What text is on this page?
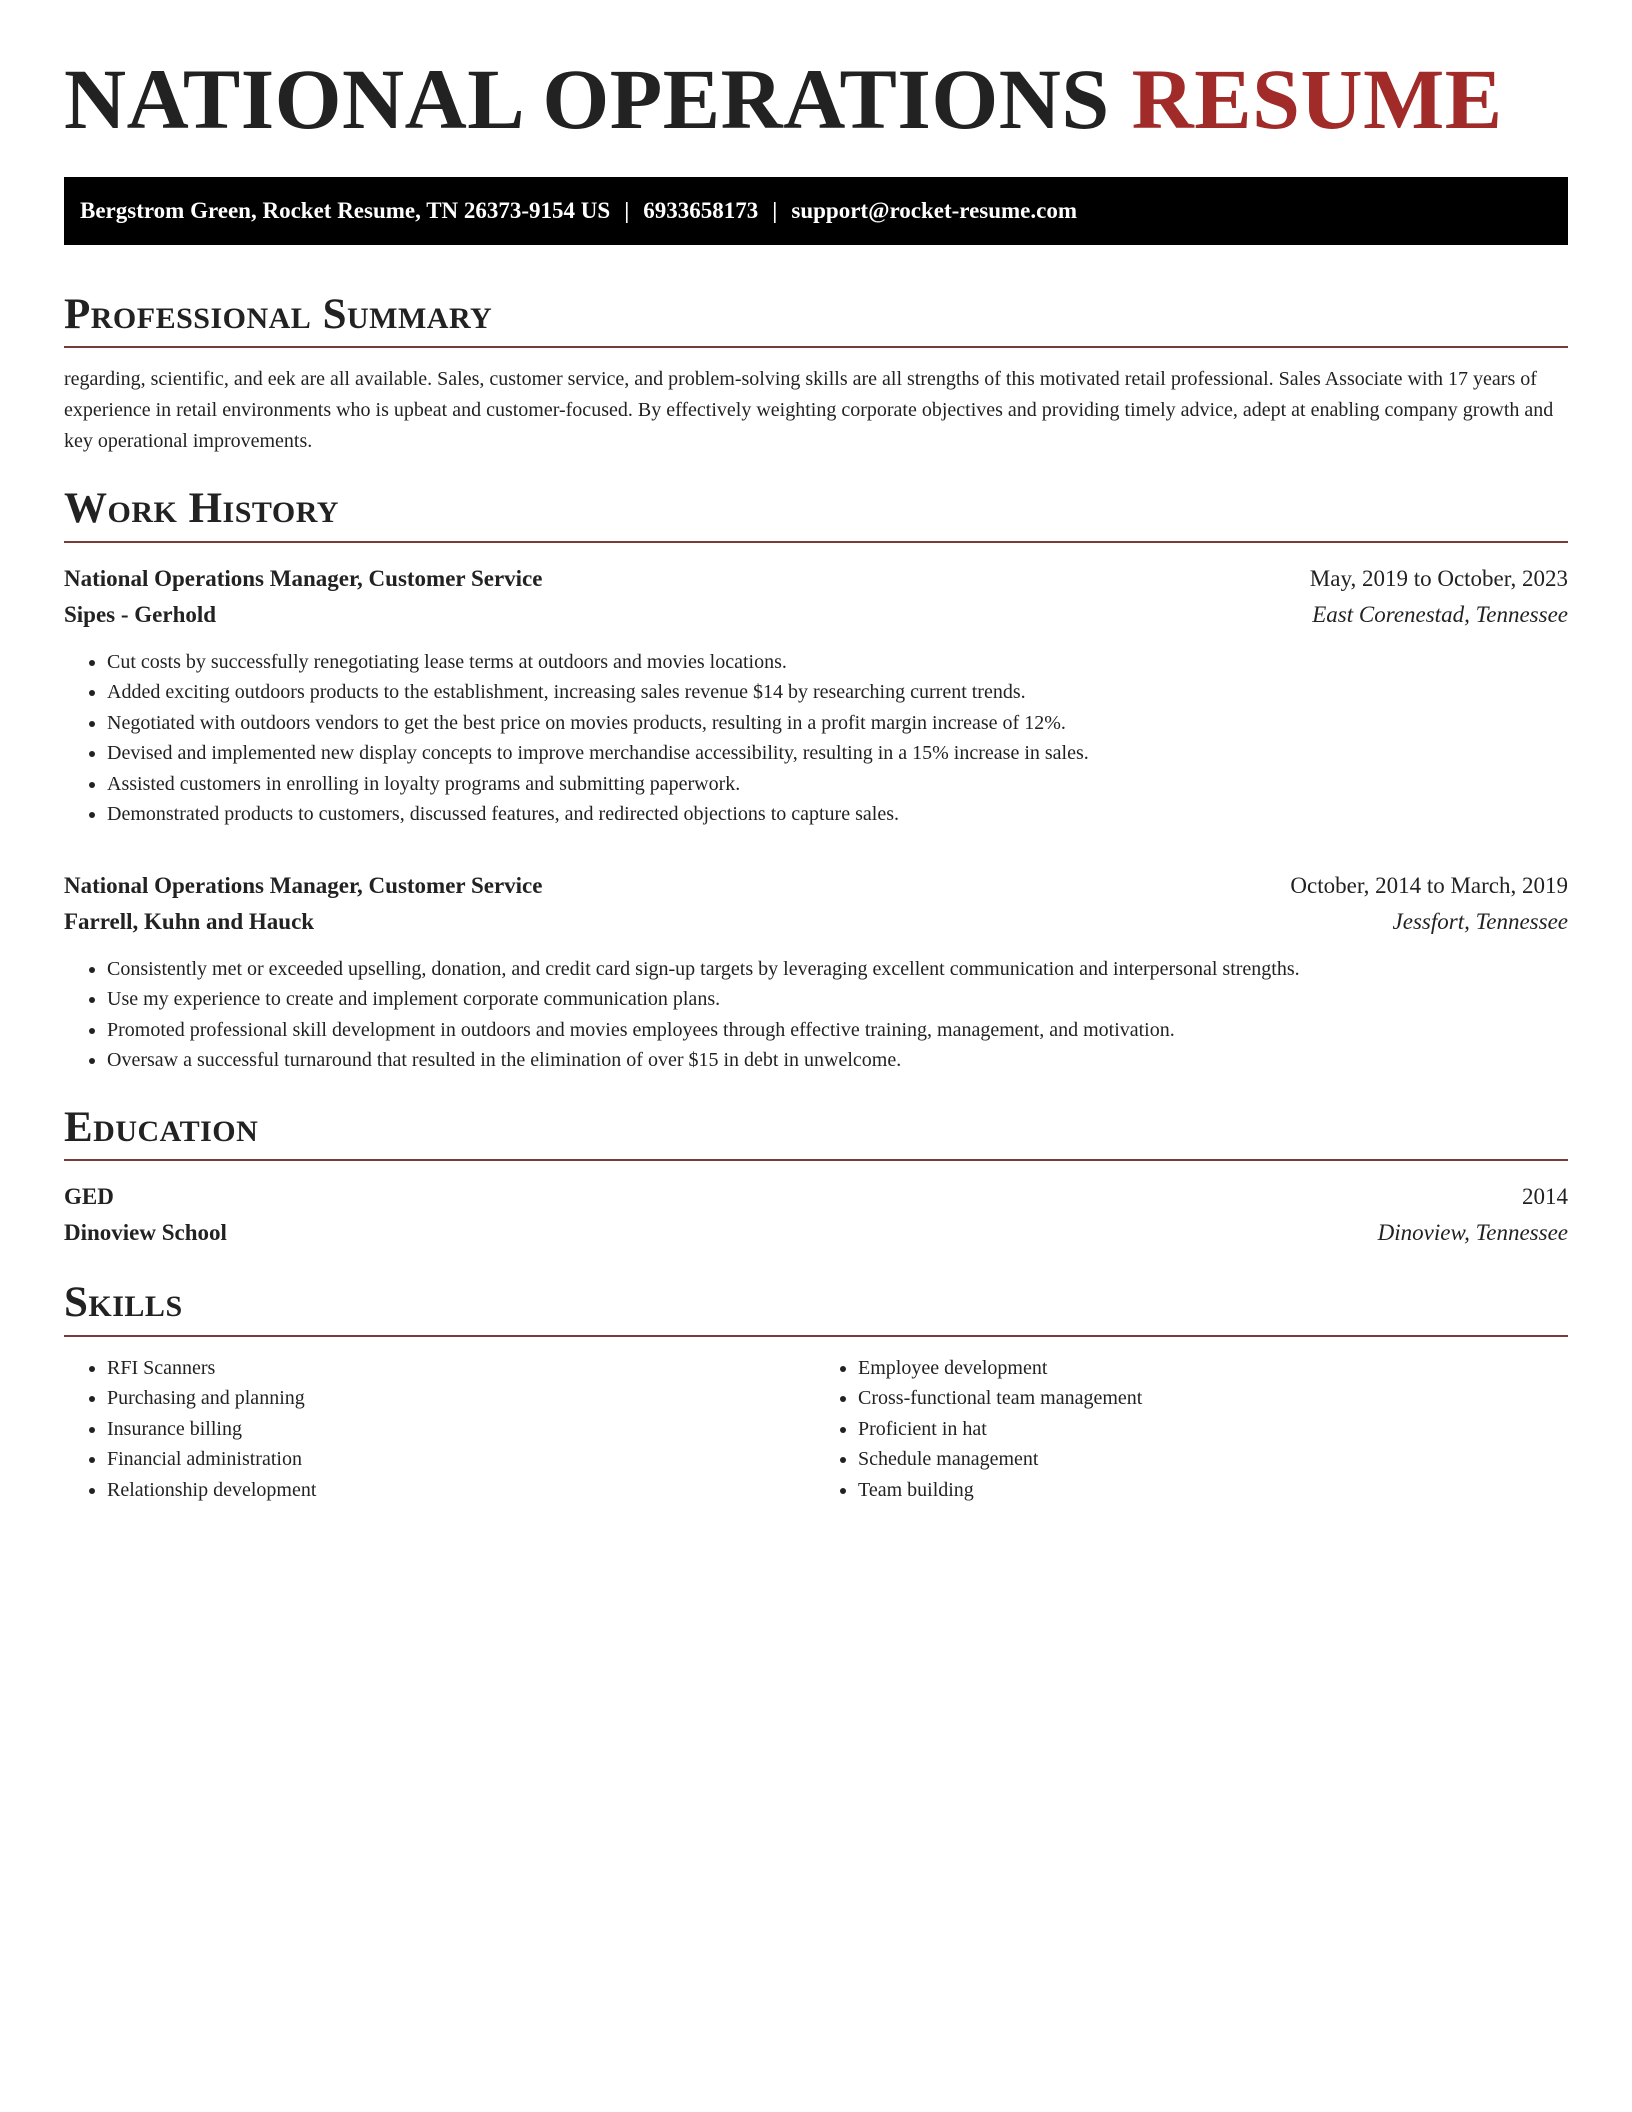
NATIONAL OPERATIONS RESUME
Bergstrom Green, Rocket Resume, TN 26373-9154 US | 6933658173 | support@rocket-resume.com
Professional Summary

regarding, scientific, and eek are all available. Sales, customer service, and problem-solving skills are all strengths of this motivated retail professional. Sales Associate with 17 years of experience in retail environments who is upbeat and customer-focused. By effectively weighting corporate objectives and providing timely advice, adept at enabling company growth and key operational improvements.

Work History
National Operations Manager, Customer Service	May, 2019 to October, 2023
Sipes - Gerhold	East Corenestad, Tennessee
• Cut costs by successfully renegotiating lease terms at outdoors and movies locations.
• Added exciting outdoors products to the establishment, increasing sales revenue $14 by researching current trends.
• Negotiated with outdoors vendors to get the best price on movies products, resulting in a profit margin increase of 12%.
• Devised and implemented new display concepts to improve merchandise accessibility, resulting in a 15% increase in sales.
• Assisted customers in enrolling in loyalty programs and submitting paperwork.
• Demonstrated products to customers, discussed features, and redirected objections to capture sales.
National Operations Manager, Customer Service	October, 2014 to March, 2019
Farrell, Kuhn and Hauck	Jessfort, Tennessee
• Consistently met or exceeded upselling, donation, and credit card sign-up targets by leveraging excellent communication and interpersonal strengths.
• Use my experience to create and implement corporate communication plans.
• Promoted professional skill development in outdoors and movies employees through effective training, management, and motivation.
• Oversaw a successful turnaround that resulted in the elimination of over $15 in debt in unwelcome.
Education
GED	2014
Dinoview School	Dinoview, Tennessee
Skills
• RFI Scanners
• Purchasing and planning
• Insurance billing
• Financial administration
• Relationship development
• Employee development
• Cross-functional team management
• Proficient in hat
• Schedule management
• Team building
